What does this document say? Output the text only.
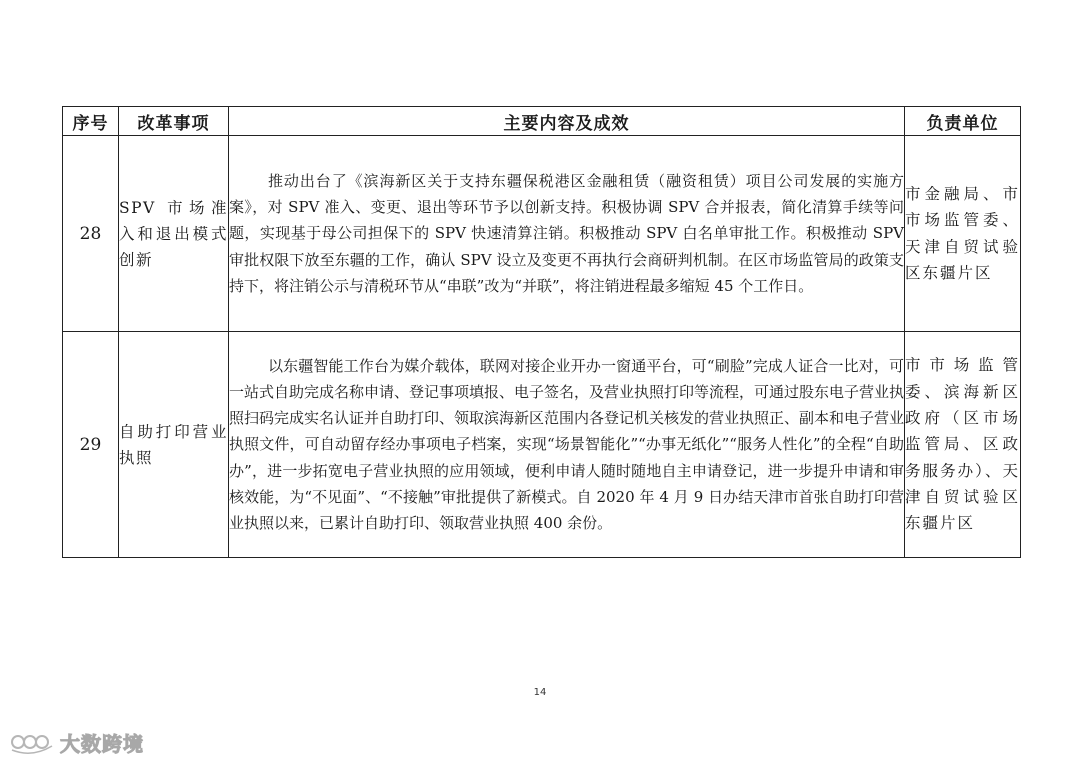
序号	改革事项	主要内容及成效	负责单位
28	SPV 市场准入和退出模式创新	推动出台了《滨海新区关于支持东疆保税港区金融租赁（融资租赁）项目公司发展的实施方案》，对 SPV 准入、变更、退出等环节予以创新支持。积极协调 SPV 合并报表，简化清算手续等问题，实现基于母公司担保下的 SPV 快速清算注销。积极推动 SPV 白名单审批工作。积极推动 SPV 审批权限下放至东疆的工作，确认 SPV 设立及变更不再执行会商研判机制。在区市场监管局的政策支持下，将注销公示与清税环节从“串联”改为“并联”，将注销进程最多缩短 45 个工作日。	市金融局、市市场监管委、天津自贸试验区东疆片区
29	自助打印营业执照	以东疆智能工作台为媒介载体，联网对接企业开办一窗通平台，可“刷脸”完成人证合一比对，可一站式自助完成名称申请、登记事项填报、电子签名，及营业执照打印等流程，可通过股东电子营业执照扫码完成实名认证并自助打印、领取滨海新区范围内各登记机关核发的营业执照正、副本和电子营业执照文件，可自动留存经办事项电子档案，实现“场景智能化”“办事无纸化”“服务人性化”的全程“自助办”，进一步拓宽电子营业执照的应用领域，便利申请人随时随地自主申请登记，进一步提升申请和审核效能，为“不见面”、“不接触”审批提供了新模式。自 2020 年 4 月 9 日办结天津市首张自助打印营业执照以来，已累计自助打印、领取营业执照 400 余份。	市市场监管委、滨海新区政府（区市场监管局、区政务服务办）、天津自贸试验区东疆片区
14
大数跨境
